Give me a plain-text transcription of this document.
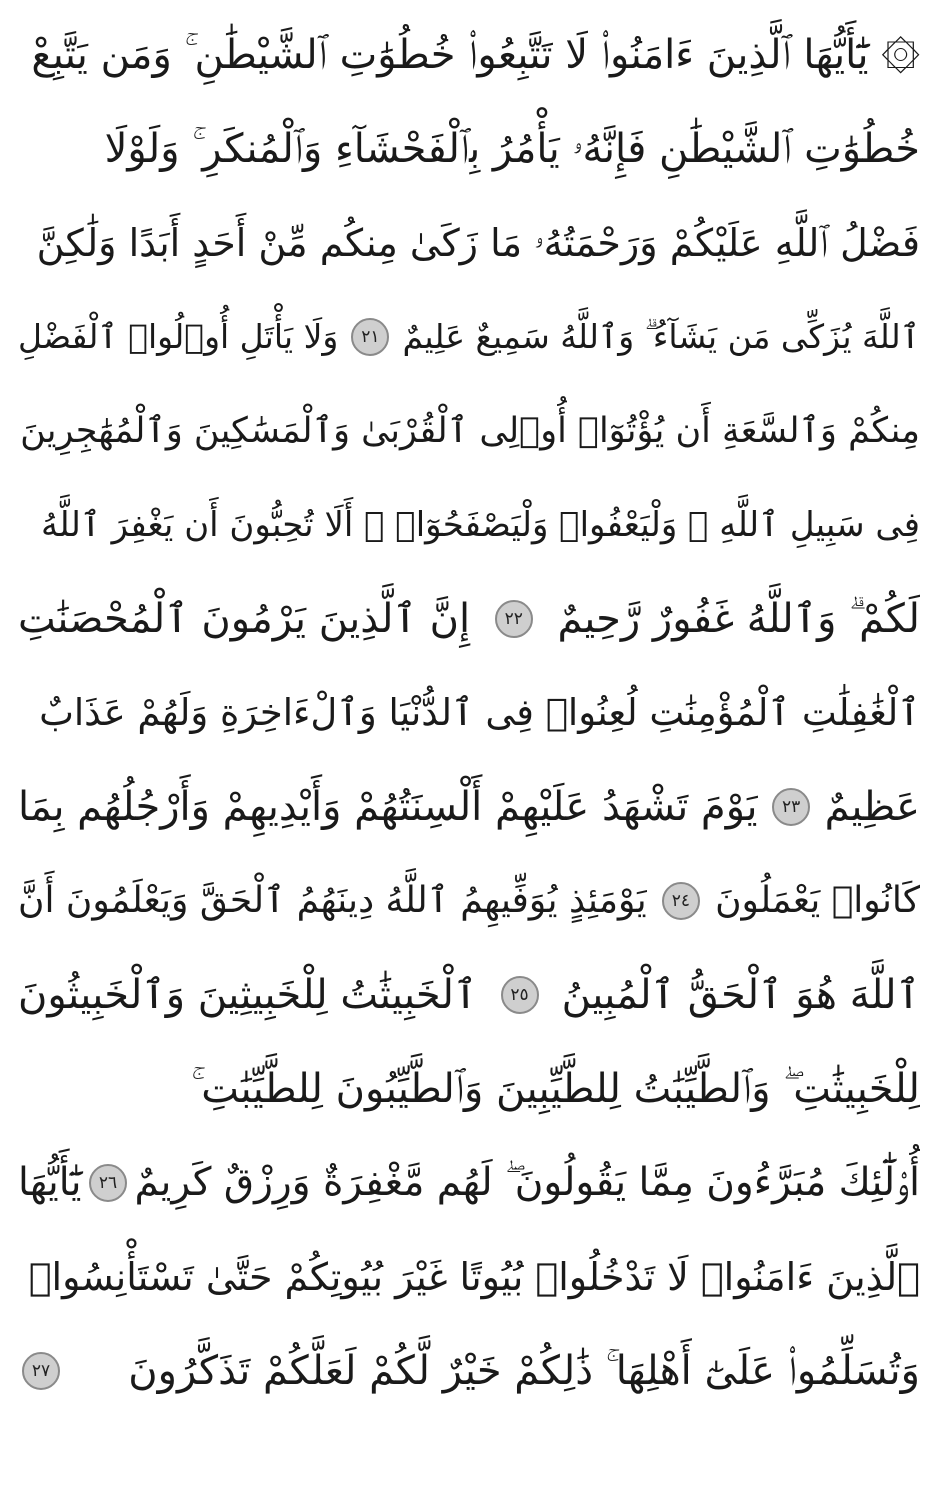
۞ يَٰٓأَيُّهَا ٱلَّذِينَ ءَامَنُوا۟ لَا تَتَّبِعُوا۟ خُطُوَٰتِ ٱلشَّيْطَٰنِ ۚ وَمَن يَتَّبِعْ
خُطُوَٰتِ ٱلشَّيْطَٰنِ فَإِنَّهُۥ يَأْمُرُ بِٱلْفَحْشَآءِ وَٱلْمُنكَرِ ۚ وَلَوْلَا
فَضْلُ ٱللَّهِ عَلَيْكُمْ وَرَحْمَتُهُۥ مَا زَكَىٰ مِنكُم مِّنْ أَحَدٍ أَبَدًا وَلَٰكِنَّ
ٱللَّهَ يُزَكِّى مَن يَشَآءُ ۗ وَٱللَّهُ سَمِيعٌ عَلِيمٌ
٢١
وَلَا يَأْتَلِ أُو۟لُوا۟ ٱلْفَضْلِ
مِنكُمْ وَٱلسَّعَةِ أَن يُؤْتُوٓا۟ أُو۟لِى ٱلْقُرْبَىٰ وَٱلْمَسَٰكِينَ وَٱلْمُهَٰجِرِينَ
فِى سَبِيلِ ٱللَّهِ ۖ وَلْيَعْفُوا۟ وَلْيَصْفَحُوٓا۟ ۗ أَلَا تُحِبُّونَ أَن يَغْفِرَ ٱللَّهُ
لَكُمْ ۗ وَٱللَّهُ غَفُورٌ رَّحِيمٌ
٢٢
إِنَّ ٱلَّذِينَ يَرْمُونَ ٱلْمُحْصَنَٰتِ
ٱلْغَٰفِلَٰتِ ٱلْمُؤْمِنَٰتِ لُعِنُوا۟ فِى ٱلدُّنْيَا وَٱلْءَاخِرَةِ وَلَهُمْ عَذَابٌ
عَظِيمٌ
٢٣
يَوْمَ تَشْهَدُ عَلَيْهِمْ أَلْسِنَتُهُمْ وَأَيْدِيهِمْ وَأَرْجُلُهُم بِمَا
كَانُوا۟ يَعْمَلُونَ
٢٤
يَوْمَئِذٍ يُوَفِّيهِمُ ٱللَّهُ دِينَهُمُ ٱلْحَقَّ وَيَعْلَمُونَ أَنَّ
ٱللَّهَ هُوَ ٱلْحَقُّ ٱلْمُبِينُ
٢٥
ٱلْخَبِيثَٰتُ لِلْخَبِيثِينَ وَٱلْخَبِيثُونَ
لِلْخَبِيثَٰتِ ۖ وَٱلطَّيِّبَٰتُ لِلطَّيِّبِينَ وَٱلطَّيِّبُونَ لِلطَّيِّبَٰتِ ۚ
أُو۟لَٰٓئِكَ مُبَرَّءُونَ مِمَّا يَقُولُونَ ۖ لَهُم مَّغْفِرَةٌ وَرِزْقٌ كَرِيمٌ
٢٦
يَٰٓأَيُّهَا
ٱلَّذِينَ ءَامَنُوا۟ لَا تَدْخُلُوا۟ بُيُوتًا غَيْرَ بُيُوتِكُمْ حَتَّىٰ تَسْتَأْنِسُوا۟
وَتُسَلِّمُوا۟ عَلَىٰٓ أَهْلِهَا ۚ ذَٰلِكُمْ خَيْرٌ لَّكُمْ لَعَلَّكُمْ تَذَكَّرُونَ
٢٧
